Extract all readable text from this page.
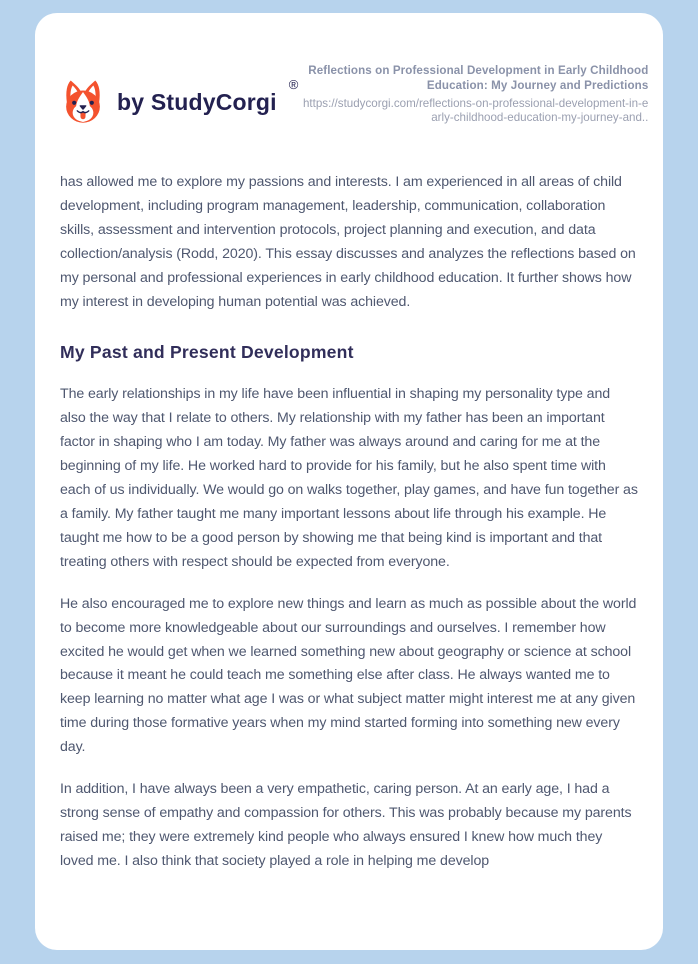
by StudyCorgi
®
Reflections on Professional Development in Early Childhood Education: My Journey and Predictions
https://studycorgi.com/reflections-on-professional-development-in-early-childhood-education-my-journey-and..

has allowed me to explore my passions and interests. I am experienced in all areas of child development, including program management, leadership, communication, collaboration skills, assessment and intervention protocols, project planning and execution, and data collection/analysis (Rodd, 2020). This essay discusses and analyzes the reflections based on my personal and professional experiences in early childhood education. It further shows how my interest in developing human potential was achieved.

My Past and Present Development

The early relationships in my life have been influential in shaping my personality type and also the way that I relate to others. My relationship with my father has been an important factor in shaping who I am today. My father was always around and caring for me at the beginning of my life. He worked hard to provide for his family, but he also spent time with each of us individually. We would go on walks together, play games, and have fun together as a family. My father taught me many important lessons about life through his example. He taught me how to be a good person by showing me that being kind is important and that treating others with respect should be expected from everyone.

He also encouraged me to explore new things and learn as much as possible about the world to become more knowledgeable about our surroundings and ourselves. I remember how excited he would get when we learned something new about geography or science at school because it meant he could teach me something else after class. He always wanted me to keep learning no matter what age I was or what subject matter might interest me at any given time during those formative years when my mind started forming into something new every day.

In addition, I have always been a very empathetic, caring person. At an early age, I had a strong sense of empathy and compassion for others. This was probably because my parents raised me; they were extremely kind people who always ensured I knew how much they loved me. I also think that society played a role in helping me develop
